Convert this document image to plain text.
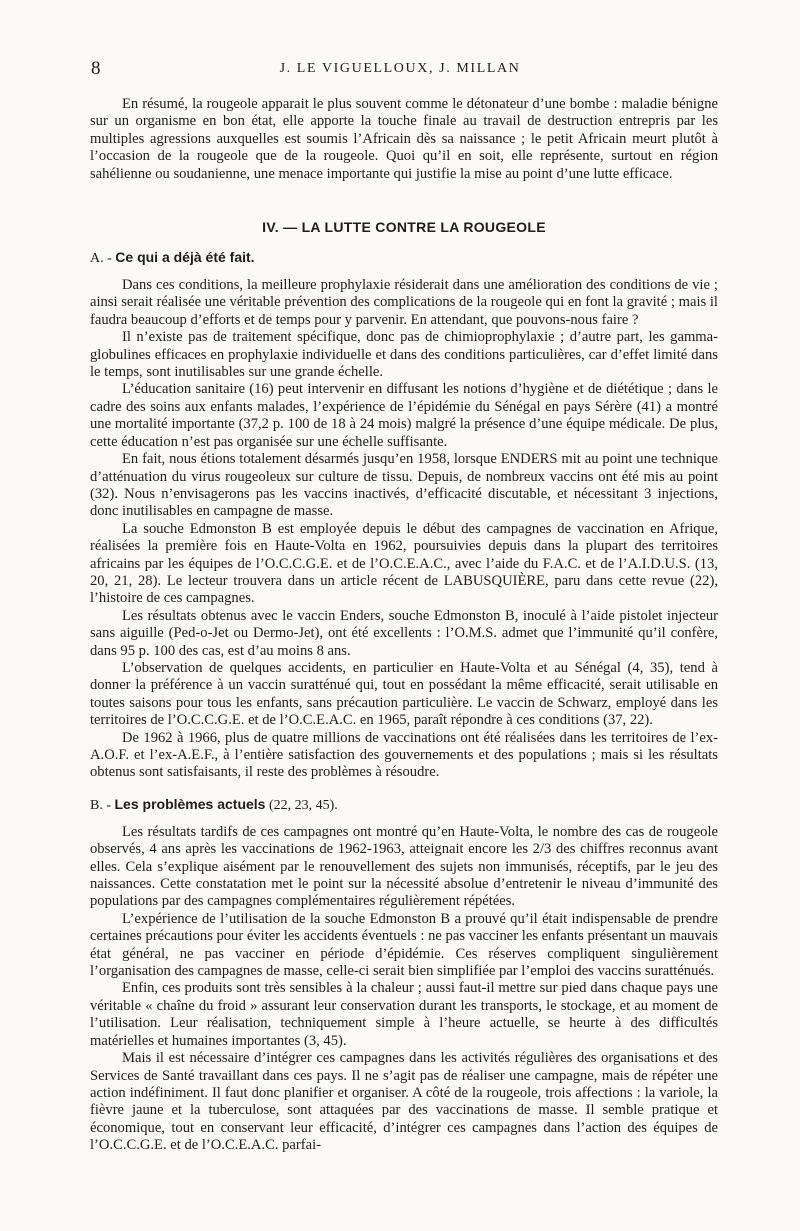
8	J. LE VIGUELLOUX, J. MILLAN

En résumé, la rougeole apparait le plus souvent comme le détonateur d’une bombe : maladie bénigne sur un organisme en bon état, elle apporte la touche finale au travail de destruction entrepris par les multiples agressions auxquelles est soumis l’Africain dès sa naissance ; le petit Africain meurt plutôt à l’occasion de la rougeole que de la rougeole. Quoi qu’il en soit, elle représente, surtout en région sahélienne ou soudanienne, une menace importante qui justifie la mise au point d’une lutte efficace.

IV. — LA LUTTE CONTRE LA ROUGEOLE
A. - Ce qui a déjà été fait.

Dans ces conditions, la meilleure prophylaxie résiderait dans une amélioration des conditions de vie ; ainsi serait réalisée une véritable prévention des complications de la rougeole qui en font la gravité ; mais il faudra beaucoup d’efforts et de temps pour y parvenir. En attendant, que pouvons-nous faire ?

Il n’existe pas de traitement spécifique, donc pas de chimioprophylaxie ; d’autre part, les gamma-globulines efficaces en prophylaxie individuelle et dans des conditions particulières, car d’effet limité dans le temps, sont inutilisables sur une grande échelle.

L’éducation sanitaire (16) peut intervenir en diffusant les notions d’hygiène et de diététique ; dans le cadre des soins aux enfants malades, l’expérience de l’épidémie du Sénégal en pays Sérère (41) a montré une mortalité importante (37,2 p. 100 de 18 à 24 mois) malgré la présence d’une équipe médicale. De plus, cette éducation n’est pas organisée sur une échelle suffisante.

En fait, nous étions totalement désarmés jusqu’en 1958, lorsque ENDERS mit au point une technique d’atténuation du virus rougeoleux sur culture de tissu. Depuis, de nombreux vaccins ont été mis au point (32). Nous n’envisagerons pas les vaccins inactivés, d’efficacité discutable, et nécessitant 3 injections, donc inutilisables en campagne de masse.

La souche Edmonston B est employée depuis le début des campagnes de vaccination en Afrique, réalisées la première fois en Haute-Volta en 1962, poursuivies depuis dans la plupart des territoires africains par les équipes de l’O.C.C.G.E. et de l’O.C.E.A.C., avec l’aide du F.A.C. et de l’A.I.D.U.S. (13, 20, 21, 28). Le lecteur trouvera dans un article récent de LABUSQUIÈRE, paru dans cette revue (22), l’histoire de ces campagnes.

Les résultats obtenus avec le vaccin Enders, souche Edmonston B, inoculé à l’aide pistolet injecteur sans aiguille (Ped-o-Jet ou Dermo-Jet), ont été excellents : l’O.M.S. admet que l’immunité qu’il confère, dans 95 p. 100 des cas, est d’au moins 8 ans.

L’observation de quelques accidents, en particulier en Haute-Volta et au Sénégal (4, 35), tend à donner la préférence à un vaccin suratténué qui, tout en possédant la même efficacité, serait utilisable en toutes saisons pour tous les enfants, sans précaution particulière. Le vaccin de Schwarz, employé dans les territoires de l’O.C.C.G.E. et de l’O.C.E.A.C. en 1965, paraît répondre à ces conditions (37, 22).

De 1962 à 1966, plus de quatre millions de vaccinations ont été réalisées dans les territoires de l’ex-A.O.F. et l’ex-A.E.F., à l’entière satisfaction des gouvernements et des populations ; mais si les résultats obtenus sont satisfaisants, il reste des problèmes à résoudre.

B. - Les problèmes actuels (22, 23, 45).

Les résultats tardifs de ces campagnes ont montré qu’en Haute-Volta, le nombre des cas de rougeole observés, 4 ans après les vaccinations de 1962-1963, atteignait encore les 2/3 des chiffres reconnus avant elles. Cela s’explique aisément par le renouvellement des sujets non immunisés, réceptifs, par le jeu des naissances. Cette constatation met le point sur la nécessité absolue d’entretenir le niveau d’immunité des populations par des campagnes complémentaires régulièrement répétées.

L’expérience de l’utilisation de la souche Edmonston B a prouvé qu’il était indispensable de prendre certaines précautions pour éviter les accidents éventuels : ne pas vacciner les enfants présentant un mauvais état général, ne pas vacciner en période d’épidémie. Ces réserves compliquent singulièrement l’organisation des campagnes de masse, celle-ci serait bien simplifiée par l’emploi des vaccins suratténués.

Enfin, ces produits sont très sensibles à la chaleur ; aussi faut-il mettre sur pied dans chaque pays une véritable « chaîne du froid » assurant leur conservation durant les transports, le stockage, et au moment de l’utilisation. Leur réalisation, techniquement simple à l’heure actuelle, se heurte à des difficultés matérielles et humaines importantes (3, 45).

Mais il est nécessaire d’intégrer ces campagnes dans les activités régulières des organisations et des Services de Santé travaillant dans ces pays. Il ne s’agit pas de réaliser une campagne, mais de répéter une action indéfiniment. Il faut donc planifier et organiser. A côté de la rougeole, trois affections : la variole, la fièvre jaune et la tuberculose, sont attaquées par des vaccinations de masse. Il semble pratique et économique, tout en conservant leur efficacité, d’intégrer ces campagnes dans l’action des équipes de l’O.C.C.G.E. et de l’O.C.E.A.C. parfai-
